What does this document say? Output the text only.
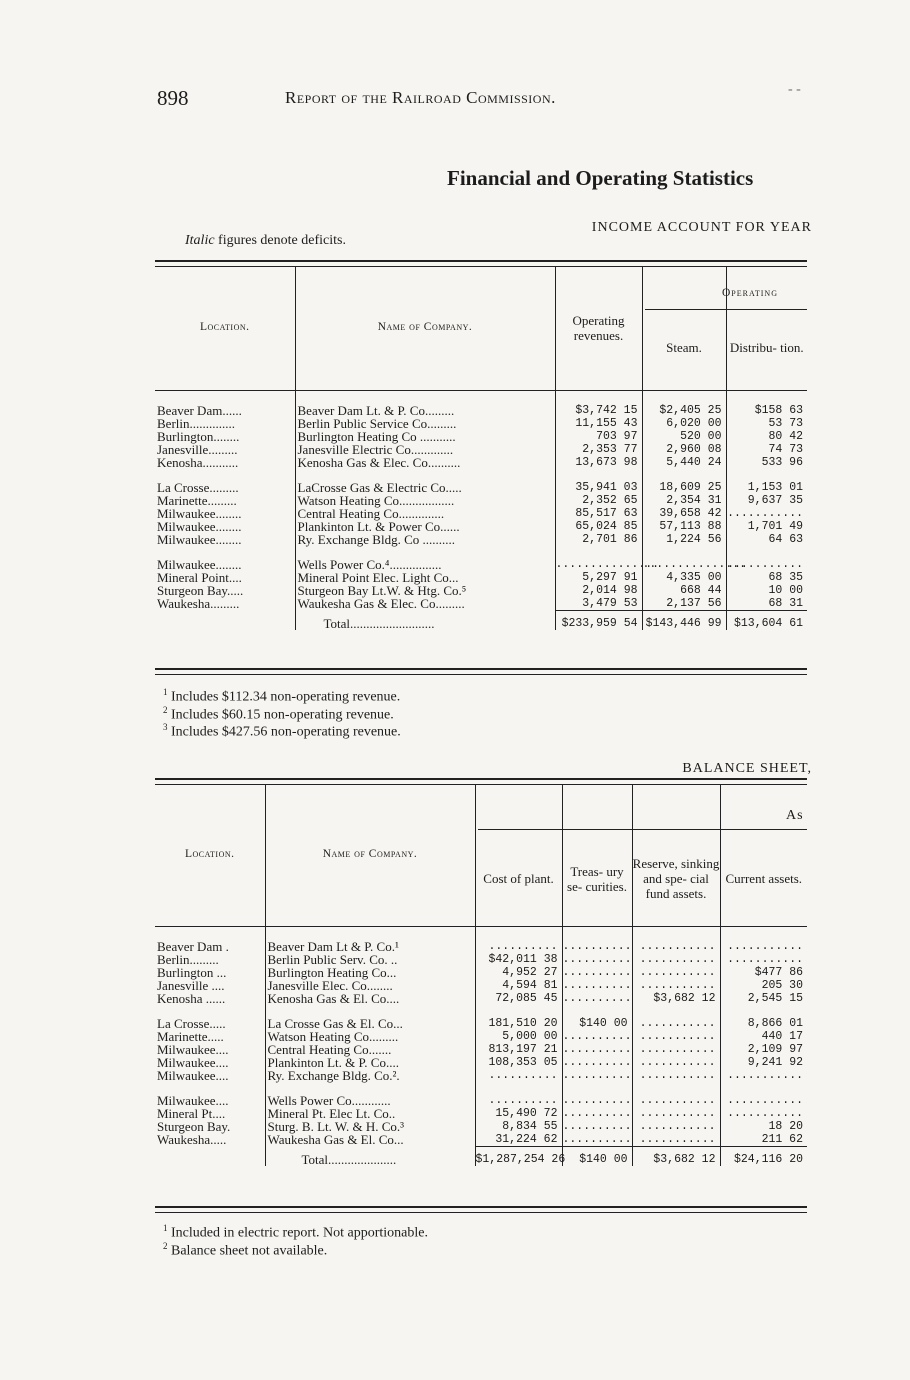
898	Report of the Railroad Commission.	- -
Financial and Operating Statistics
INCOME ACCOUNT FOR YEAR
Italic figures denote deficits.
Operating
Location.	Name of Company.	Operating revenues.	Steam.	Distribu- tion.

Beaver Dam......	Beaver Dam Lt. & P. Co.........	$3,742 15	$2,405 25	$158 63
Berlin..............	Berlin Public Service Co.........	11,155 43	6,020 00	53 73
Burlington........	Burlington Heating Co ...........	703 97	520 00	80 42
Janesville.........	Janesville Electric Co.............	2,353 77	2,960 08	74 73
Kenosha...........	Kenosha Gas & Elec. Co..........	13,673 98	5,440 24	533 96

La Crosse.........	LaCrosse Gas & Electric Co.....	35,941 03	18,609 25	1,153 01
Marinette.........	Watson Heating Co.................	2,352 65	2,354 31	9,637 35
Milwaukee........	Central Heating Co..............	85,517 63	39,658 42	...........
Milwaukee........	Plankinton Lt. & Power Co......	65,024 85	57,113 88	1,701 49
Milwaukee........	Ry. Exchange Bldg. Co ..........	2,701 86	1,224 56	64 63

Milwaukee........	Wells Power Co.⁴................	...............	...............	...........
Mineral Point....	Mineral Point Elec. Light Co...	5,297 91	4,335 00	68 35
Sturgeon Bay.....	Sturgeon Bay Lt.W. & Htg. Co.⁵	2,014 98	668 44	10 00
Waukesha.........	Waukesha Gas & Elec. Co.........	3,479 53	2,137 56	68 31
	Total..........................	$233,959 54	$143,446 99	$13,604 61
$^1$ Includes $112.34 non-operating revenue.
$^2$ Includes $60.15 non-operating revenue.
$^3$ Includes $427.56 non-operating revenue.
BALANCE SHEET,
As
Location.	Name of Company.	Cost of plant.	Treas- ury se- curities.	Reserve, sinking and spe- cial fund assets.	Current assets.

Beaver Dam .	Beaver Dam Lt & P. Co.¹	..........	..........	...........	...........
Berlin.........	Berlin Public Serv. Co. ..	$42,011 38	..........	...........	...........
Burlington ...	Burlington Heating Co...	4,952 27	..........	...........	$477 86
Janesville ....	Janesville Elec. Co........	4,594 81	..........	...........	205 30
Kenosha ......	Kenosha Gas & El. Co....	72,085 45	..........	$3,682 12	2,545 15

La Crosse.....	La Crosse Gas & El. Co...	181,510 20	$140 00	...........	8,866 01
Marinette.....	Watson Heating Co.........	5,000 00	..........	...........	440 17
Milwaukee....	Central Heating Co.......	813,197 21	..........	...........	2,109 97
Milwaukee....	Plankinton Lt. & P. Co....	108,353 05	..........	...........	9,241 92
Milwaukee....	Ry. Exchange Bldg. Co.².	..........	..........	...........	...........

Milwaukee....	Wells Power Co............	..........	..........	...........	...........
Mineral Pt....	Mineral Pt. Elec Lt. Co..	15,490 72	..........	...........	...........
Sturgeon Bay.	Sturg. B. Lt. W. & H. Co.³	8,834 55	..........	...........	18 20
Waukesha.....	Waukesha Gas & El. Co...	31,224 62	..........	...........	211 62
	Total.....................	$1,287,254 26	$140 00	$3,682 12	$24,116 20
$^1$ Included in electric report. Not apportionable.
$^2$ Balance sheet not available.
